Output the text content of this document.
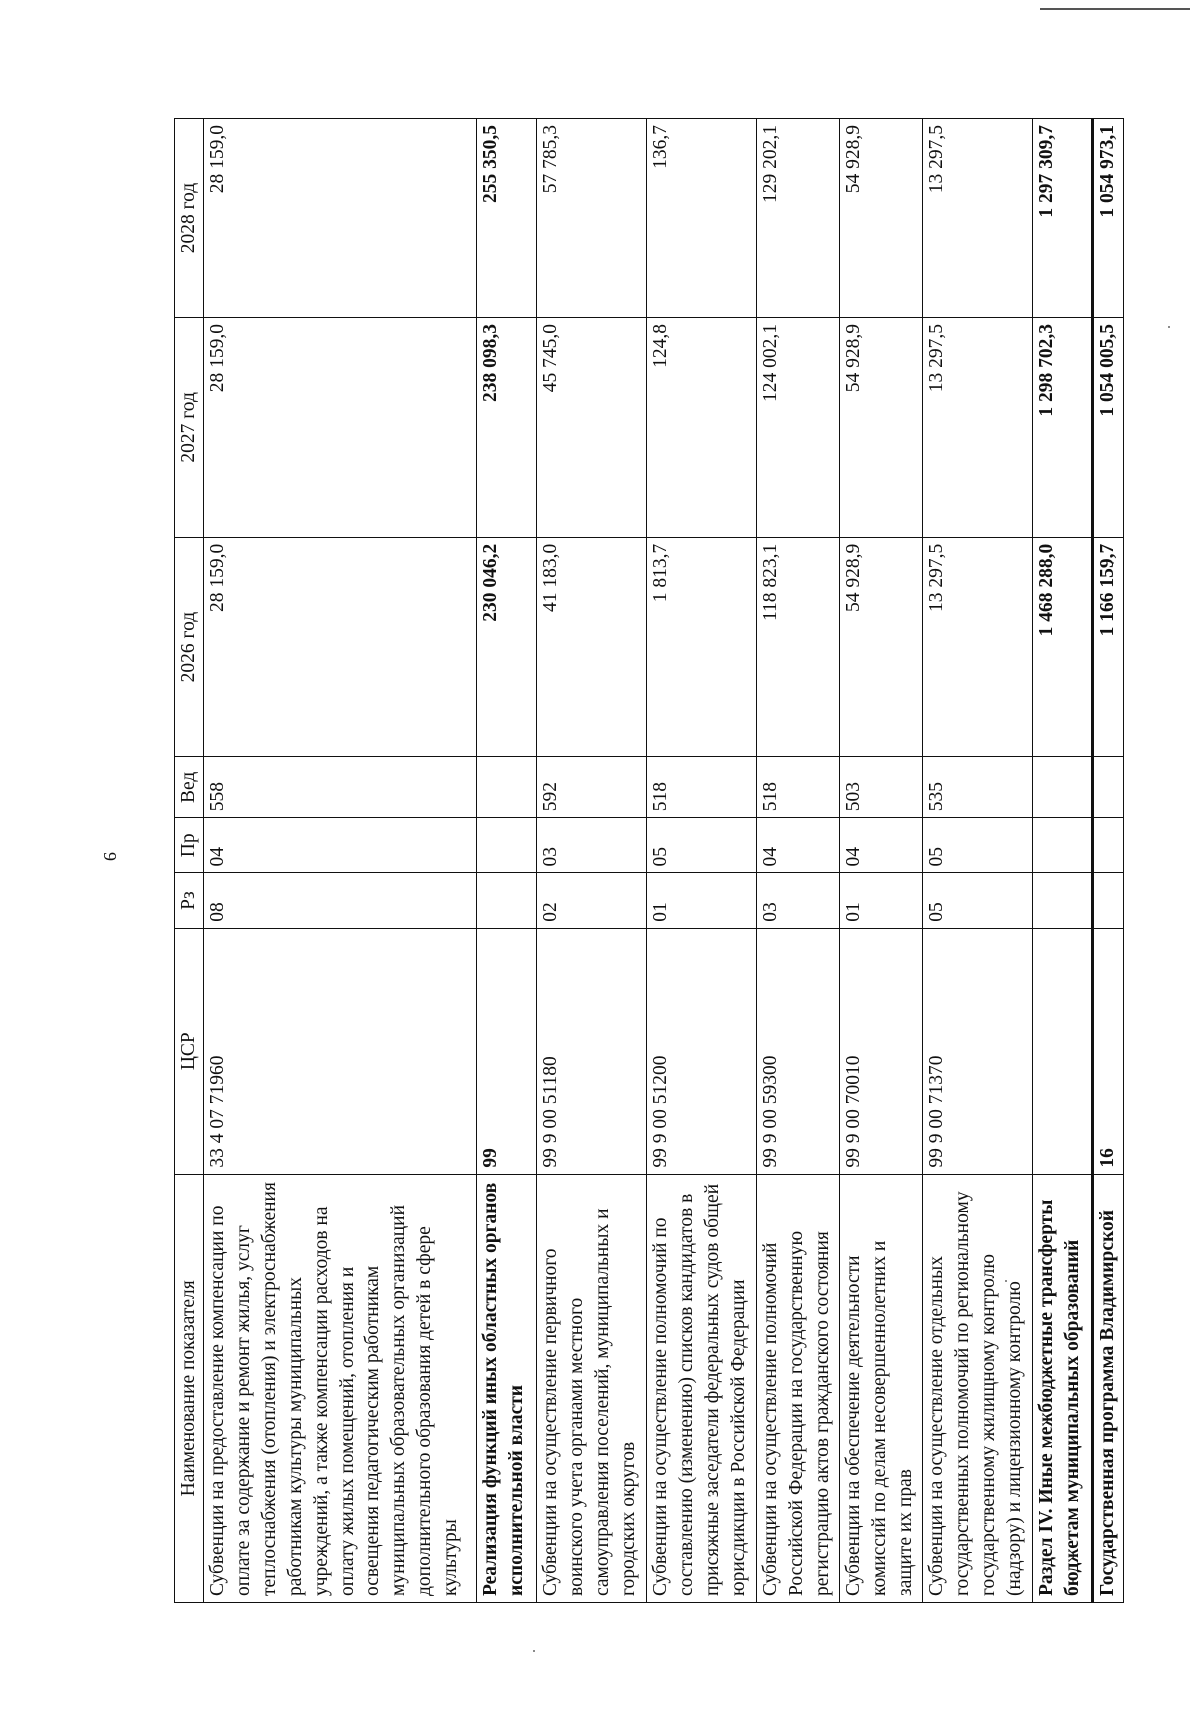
9
Наименование показателя	ЦСР	Рз	Пр	Вед	2026 год	2027 год	2028 год
Субвенции на предоставление компенсации по оплате за содержание и ремонт жилья, услуг теплоснабжения (отопления) и электроснабжения работникам культуры муниципальных учреждений, а также компенсации расходов на оплату жилых помещений, отопления и освещения педагогическим работникам муниципальных образовательных организаций дополнительного образования детей в сфере культуры	33 4 07 71960	08	04	558	28 159,0	28 159,0	28 159,0
Реализация функций иных областных органов исполнительной власти	99				230 046,2	238 098,3	255 350,5
Субвенции на осуществление первичного воинского учета органами местного самоуправления поселений, муниципальных и городских округов	99 9 00 51180	02	03	592	41 183,0	45 745,0	57 785,3
Субвенции на осуществление полномочий по составлению (изменению) списков кандидатов в присяжные заседатели федеральных судов общей юрисдикции в Российской Федерации	99 9 00 51200	01	05	518	1 813,7	124,8	136,7
Субвенции на осуществление полномочий Российской Федерации на государственную регистрацию актов гражданского состояния	99 9 00 59300	03	04	518	118 823,1	124 002,1	129 202,1
Субвенции на обеспечение деятельности комиссий по делам несовершеннолетних и защите их прав	99 9 00 70010	01	04	503	54 928,9	54 928,9	54 928,9
Субвенции на осуществление отдельных государственных полномочий по региональному государственному жилищному контролю (надзору) и лицензионному контролю	99 9 00 71370	05	05	535	13 297,5	13 297,5	13 297,5
Раздел IV. Иные межбюджетные трансферты бюджетам муниципальных образований					1 468 288,0	1 298 702,3	1 297 309,7
Государственная программа Владимирской	16				1 166 159,7	1 054 005,5	1 054 973,1
